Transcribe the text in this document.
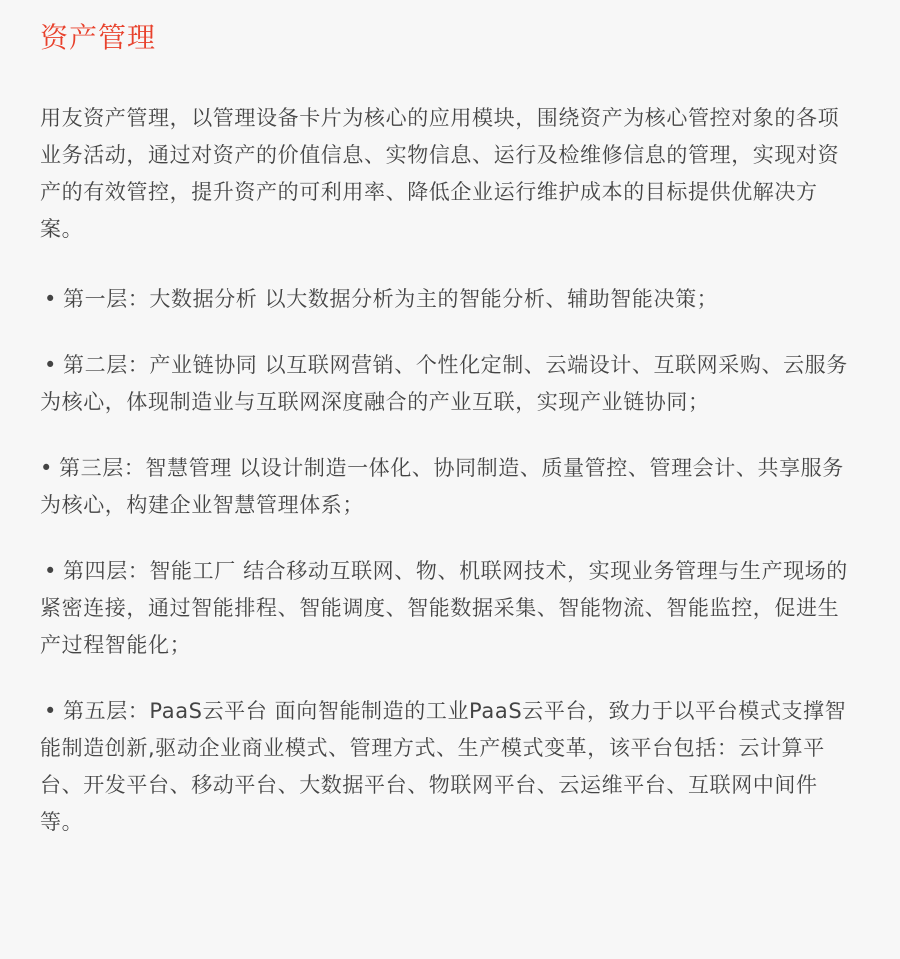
资产管理

用友资产管理，以管理设备卡片为核心的应用模块，围绕资产为核心管控对象的各项业务活动，通过对资产的价值信息、实物信息、运行及检维修信息的管理，实现对资产的有效管控，提升资产的可利用率、降低企业运行维护成本的目标提供优解决方案。

• 第一层：大数据分析 以大数据分析为主的智能分析、辅助智能决策；
• 第二层：产业链协同 以互联网营销、个性化定制、云端设计、互联网采购、云服务为核心，体现制造业与互联网深度融合的产业互联，实现产业链协同；
• 第三层：智慧管理 以设计制造一体化、协同制造、质量管控、管理会计、共享服务为核心，构建企业智慧管理体系；
• 第四层：智能工厂 结合移动互联网、物、机联网技术，实现业务管理与生产现场的紧密连接，通过智能排程、智能调度、智能数据采集、智能物流、智能监控，促进生产过程智能化；
• 第五层：PaaS云平台 面向智能制造的工业PaaS云平台，致力于以平台模式支撑智能制造创新,驱动企业商业模式、管理方式、生产模式变革，该平台包括：云计算平台、开发平台、移动平台、大数据平台、物联网平台、云运维平台、互联网中间件等。
